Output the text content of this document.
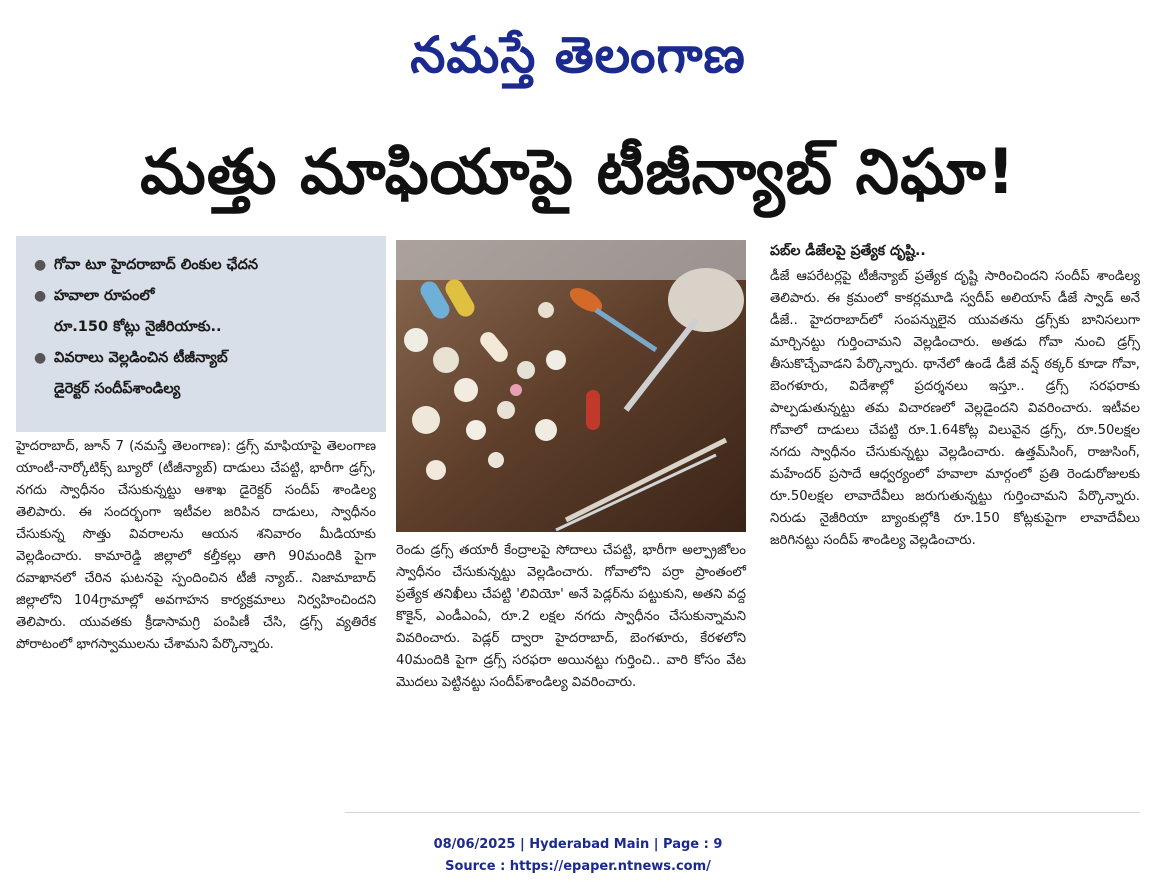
నమస్తే తెలంగాణ
మత్తు మాఫియాపై టీజీన్యాబ్ నిఘా!
● గోవా టూ హైదరాబాద్ లింకుల ఛేదన
● హవాలా రూపంలో
రూ.150 కోట్లు నైజీరియాకు..
● వివరాలు వెల్లడించిన టీజీన్యాబ్
డైరెక్టర్ సందీప్‌శాండిల్య

హైదరాబాద్, జూన్ 7 (నమస్తే తెలంగాణ): డ్రగ్స్ మాఫియాపై తెలంగాణ యాంటీ-నార్కోటిక్స్ బ్యూరో (టీజీన్యాబ్) దాడులు చేపట్టి, భారీగా డ్రగ్స్, నగదు స్వాధీనం చేసుకున్నట్టు ఆశాఖ డైరెక్టర్ సందీప్ శాండిల్య తెలిపారు. ఈ సందర్భంగా ఇటీవల జరిపిన దాడులు, స్వాధీనం చేసుకున్న సొత్తు వివరాలను ఆయన శనివారం మీడియాకు వెల్లడించారు. కామారెడ్డి జిల్లాలో కల్తీకల్లు తాగి 90మందికి పైగా దవాఖానలో చేరిన ఘటనపై స్పందించిన టీజీ న్యాబ్.. నిజామాబాద్ జిల్లాలోని 104గ్రామాల్లో అవగాహన కార్యక్రమాలు నిర్వహించిందని తెలిపారు. యువతకు క్రీడాసామగ్రి పంపిణీ చేసి, డ్రగ్స్ వ్యతిరేక పోరాటంలో భాగస్వాములను చేశామని పేర్కొన్నారు.

రెండు డ్రగ్స్ తయారీ కేంద్రాలపై సోదాలు చేపట్టి, భారీగా అల్ప్రాజోలం స్వాధీనం చేసుకున్నట్టు వెల్లడించారు. గోవాలోని పర్రా ప్రాంతంలో ప్రత్యేక తనిఖీలు చేపట్టి 'లివియో' అనే పెడ్లర్‌ను పట్టుకుని, అతని వద్ద కొకైన్, ఎండీఎంఏ, రూ.2 లక్షల నగదు స్వాధీనం చేసుకున్నామని వివరించారు. పెడ్లర్ ద్వారా హైదరాబాద్, బెంగళూరు, కేరళలోని 40మందికి పైగా డ్రగ్స్ సరఫరా అయినట్టు గుర్తించి.. వారి కోసం వేట మొదలు పెట్టినట్టు సందీప్‌శాండిల్య వివరించారు.

పబ్‌ల డీజేలపై ప్రత్యేక దృష్టి..

డీజే ఆపరేటర్లపై టీజీన్యాబ్ ప్రత్యేక దృష్టి సారించిందని సందీప్ శాండిల్య తెలిపారు. ఈ క్రమంలో కాకర్లమూడి స్వదీప్ అలియాస్ డీజే స్వాడ్ అనే డీజే.. హైదరాబాద్‌లో సంపన్నులైన యువతను డ్రగ్స్‌కు బానిసలుగా మార్చినట్టు గుర్తించామని వెల్లడించారు. అతడు గోవా నుంచి డ్రగ్స్ తీసుకొచ్చేవాడని పేర్కొన్నారు. థానేలో ఉండే డీజే వన్ష్ ఠక్కర్ కూడా గోవా, బెంగళూరు, విదేశాల్లో ప్రదర్శనలు ఇస్తూ.. డ్రగ్స్ సరఫరాకు పాల్పడుతున్నట్టు తమ విచారణలో వెల్లడైందని వివరించారు. ఇటీవల గోవాలో దాడులు చేపట్టి రూ.1.64కోట్ల విలువైన డ్రగ్స్, రూ.50లక్షల నగదు స్వాధీనం చేసుకున్నట్టు వెల్లడించారు. ఉత్తమ్‌సింగ్, రాజుసింగ్, మహేందర్ ప్రసాదే ఆధ్వర్యంలో హవాలా మార్గంలో ప్రతి రెండురోజులకు రూ.50లక్షల లావాదేవీలు జరుగుతున్నట్టు గుర్తించామని పేర్కొన్నారు. నిరుడు నైజీరియా బ్యాంకుల్లోకి రూ.150 కోట్లకుపైగా లావాదేవీలు జరిగినట్టు సందీప్ శాండిల్య వెల్లడించారు.

08/06/2025 | Hyderabad Main | Page : 9
Source : https://epaper.ntnews.com/
